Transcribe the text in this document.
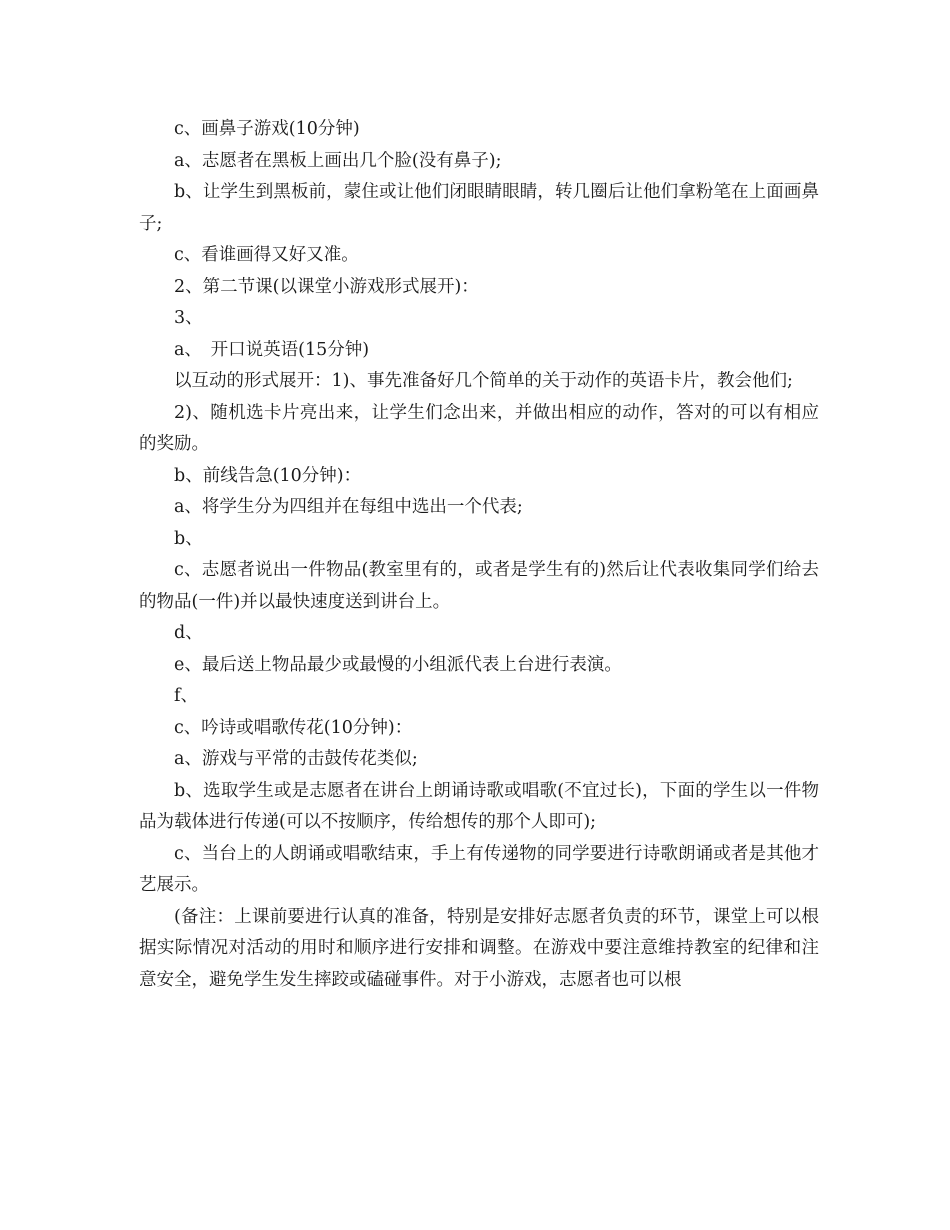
c、画鼻子游戏(10分钟)

a、志愿者在黑板上画出几个脸(没有鼻子);

b、让学生到黑板前，蒙住或让他们闭眼睛眼睛，转几圈后让他们拿粉笔在上面画鼻子;

c、看谁画得又好又准。

2、第二节课(以课堂小游戏形式展开)：

3、

a、　开口说英语(15分钟)

以互动的形式展开：1)、事先准备好几个简单的关于动作的英语卡片，教会他们;

2)、随机选卡片亮出来，让学生们念出来，并做出相应的动作，答对的可以有相应的奖励。

b、前线告急(10分钟)：

a、将学生分为四组并在每组中选出一个代表;

b、

c、志愿者说出一件物品(教室里有的，或者是学生有的)然后让代表收集同学们给去的物品(一件)并以最快速度送到讲台上。

d、

e、最后送上物品最少或最慢的小组派代表上台进行表演。

f、

c、吟诗或唱歌传花(10分钟)：

a、游戏与平常的击鼓传花类似;

b、选取学生或是志愿者在讲台上朗诵诗歌或唱歌(不宜过长)，下面的学生以一件物品为载体进行传递(可以不按顺序，传给想传的那个人即可);

c、当台上的人朗诵或唱歌结束，手上有传递物的同学要进行诗歌朗诵或者是其他才艺展示。

(备注：上课前要进行认真的准备，特别是安排好志愿者负责的环节，课堂上可以根据实际情况对活动的用时和顺序进行安排和调整。在游戏中要注意维持教室的纪律和注意安全，避免学生发生摔跤或磕碰事件。对于小游戏，志愿者也可以根
